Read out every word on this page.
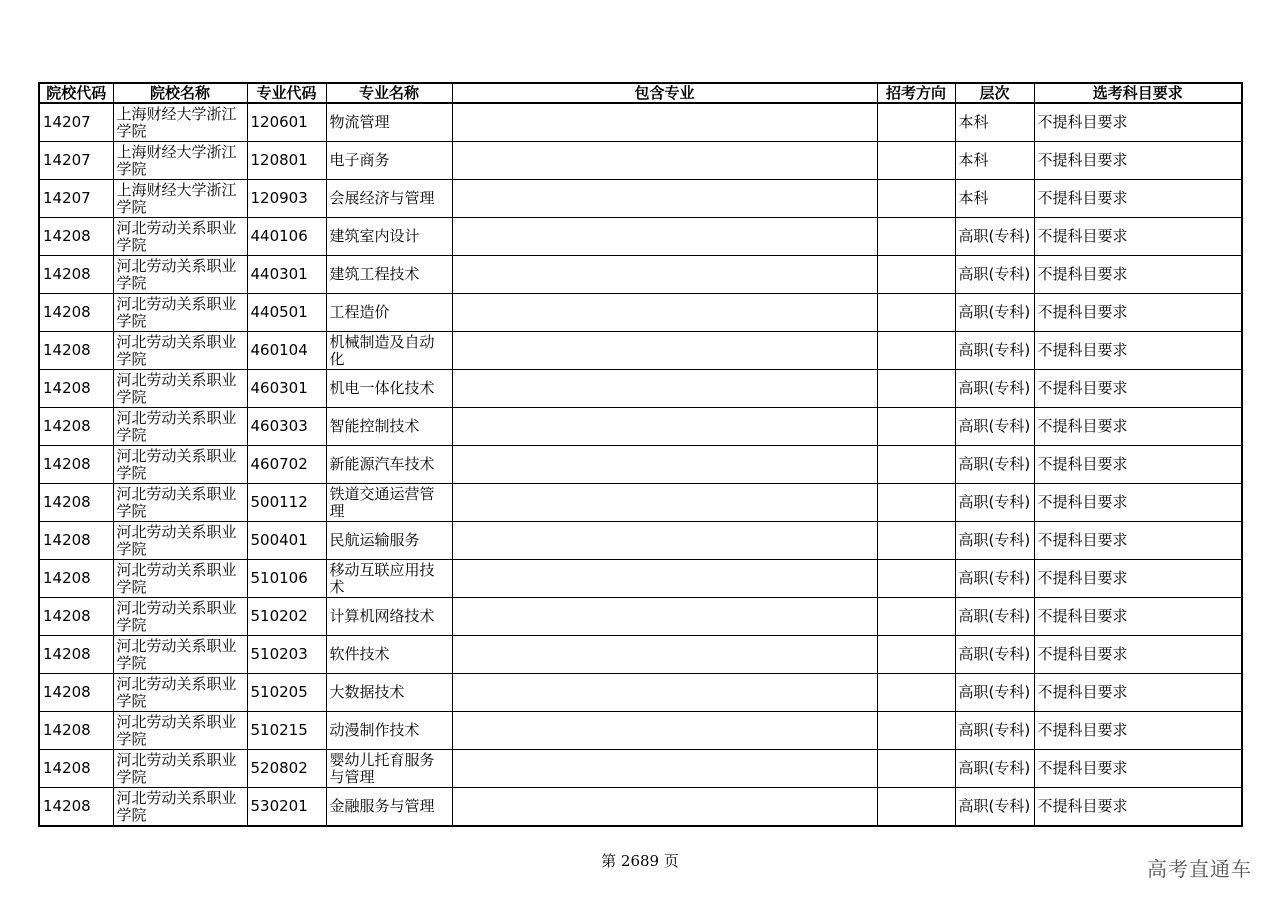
院校代码	院校名称	专业代码	专业名称	包含专业	招考方向	层次	选考科目要求
14207	上海财经大学浙江学院	120601	物流管理			本科	不提科目要求
14207	上海财经大学浙江学院	120801	电子商务			本科	不提科目要求
14207	上海财经大学浙江学院	120903	会展经济与管理			本科	不提科目要求
14208	河北劳动关系职业学院	440106	建筑室内设计			高职(专科)	不提科目要求
14208	河北劳动关系职业学院	440301	建筑工程技术			高职(专科)	不提科目要求
14208	河北劳动关系职业学院	440501	工程造价			高职(专科)	不提科目要求
14208	河北劳动关系职业学院	460104	机械制造及自动化			高职(专科)	不提科目要求
14208	河北劳动关系职业学院	460301	机电一体化技术			高职(专科)	不提科目要求
14208	河北劳动关系职业学院	460303	智能控制技术			高职(专科)	不提科目要求
14208	河北劳动关系职业学院	460702	新能源汽车技术			高职(专科)	不提科目要求
14208	河北劳动关系职业学院	500112	铁道交通运营管理			高职(专科)	不提科目要求
14208	河北劳动关系职业学院	500401	民航运输服务			高职(专科)	不提科目要求
14208	河北劳动关系职业学院	510106	移动互联应用技术			高职(专科)	不提科目要求
14208	河北劳动关系职业学院	510202	计算机网络技术			高职(专科)	不提科目要求
14208	河北劳动关系职业学院	510203	软件技术			高职(专科)	不提科目要求
14208	河北劳动关系职业学院	510205	大数据技术			高职(专科)	不提科目要求
14208	河北劳动关系职业学院	510215	动漫制作技术			高职(专科)	不提科目要求
14208	河北劳动关系职业学院	520802	婴幼儿托育服务与管理			高职(专科)	不提科目要求
14208	河北劳动关系职业学院	530201	金融服务与管理			高职(专科)	不提科目要求
第 2689 页	高考直通车
